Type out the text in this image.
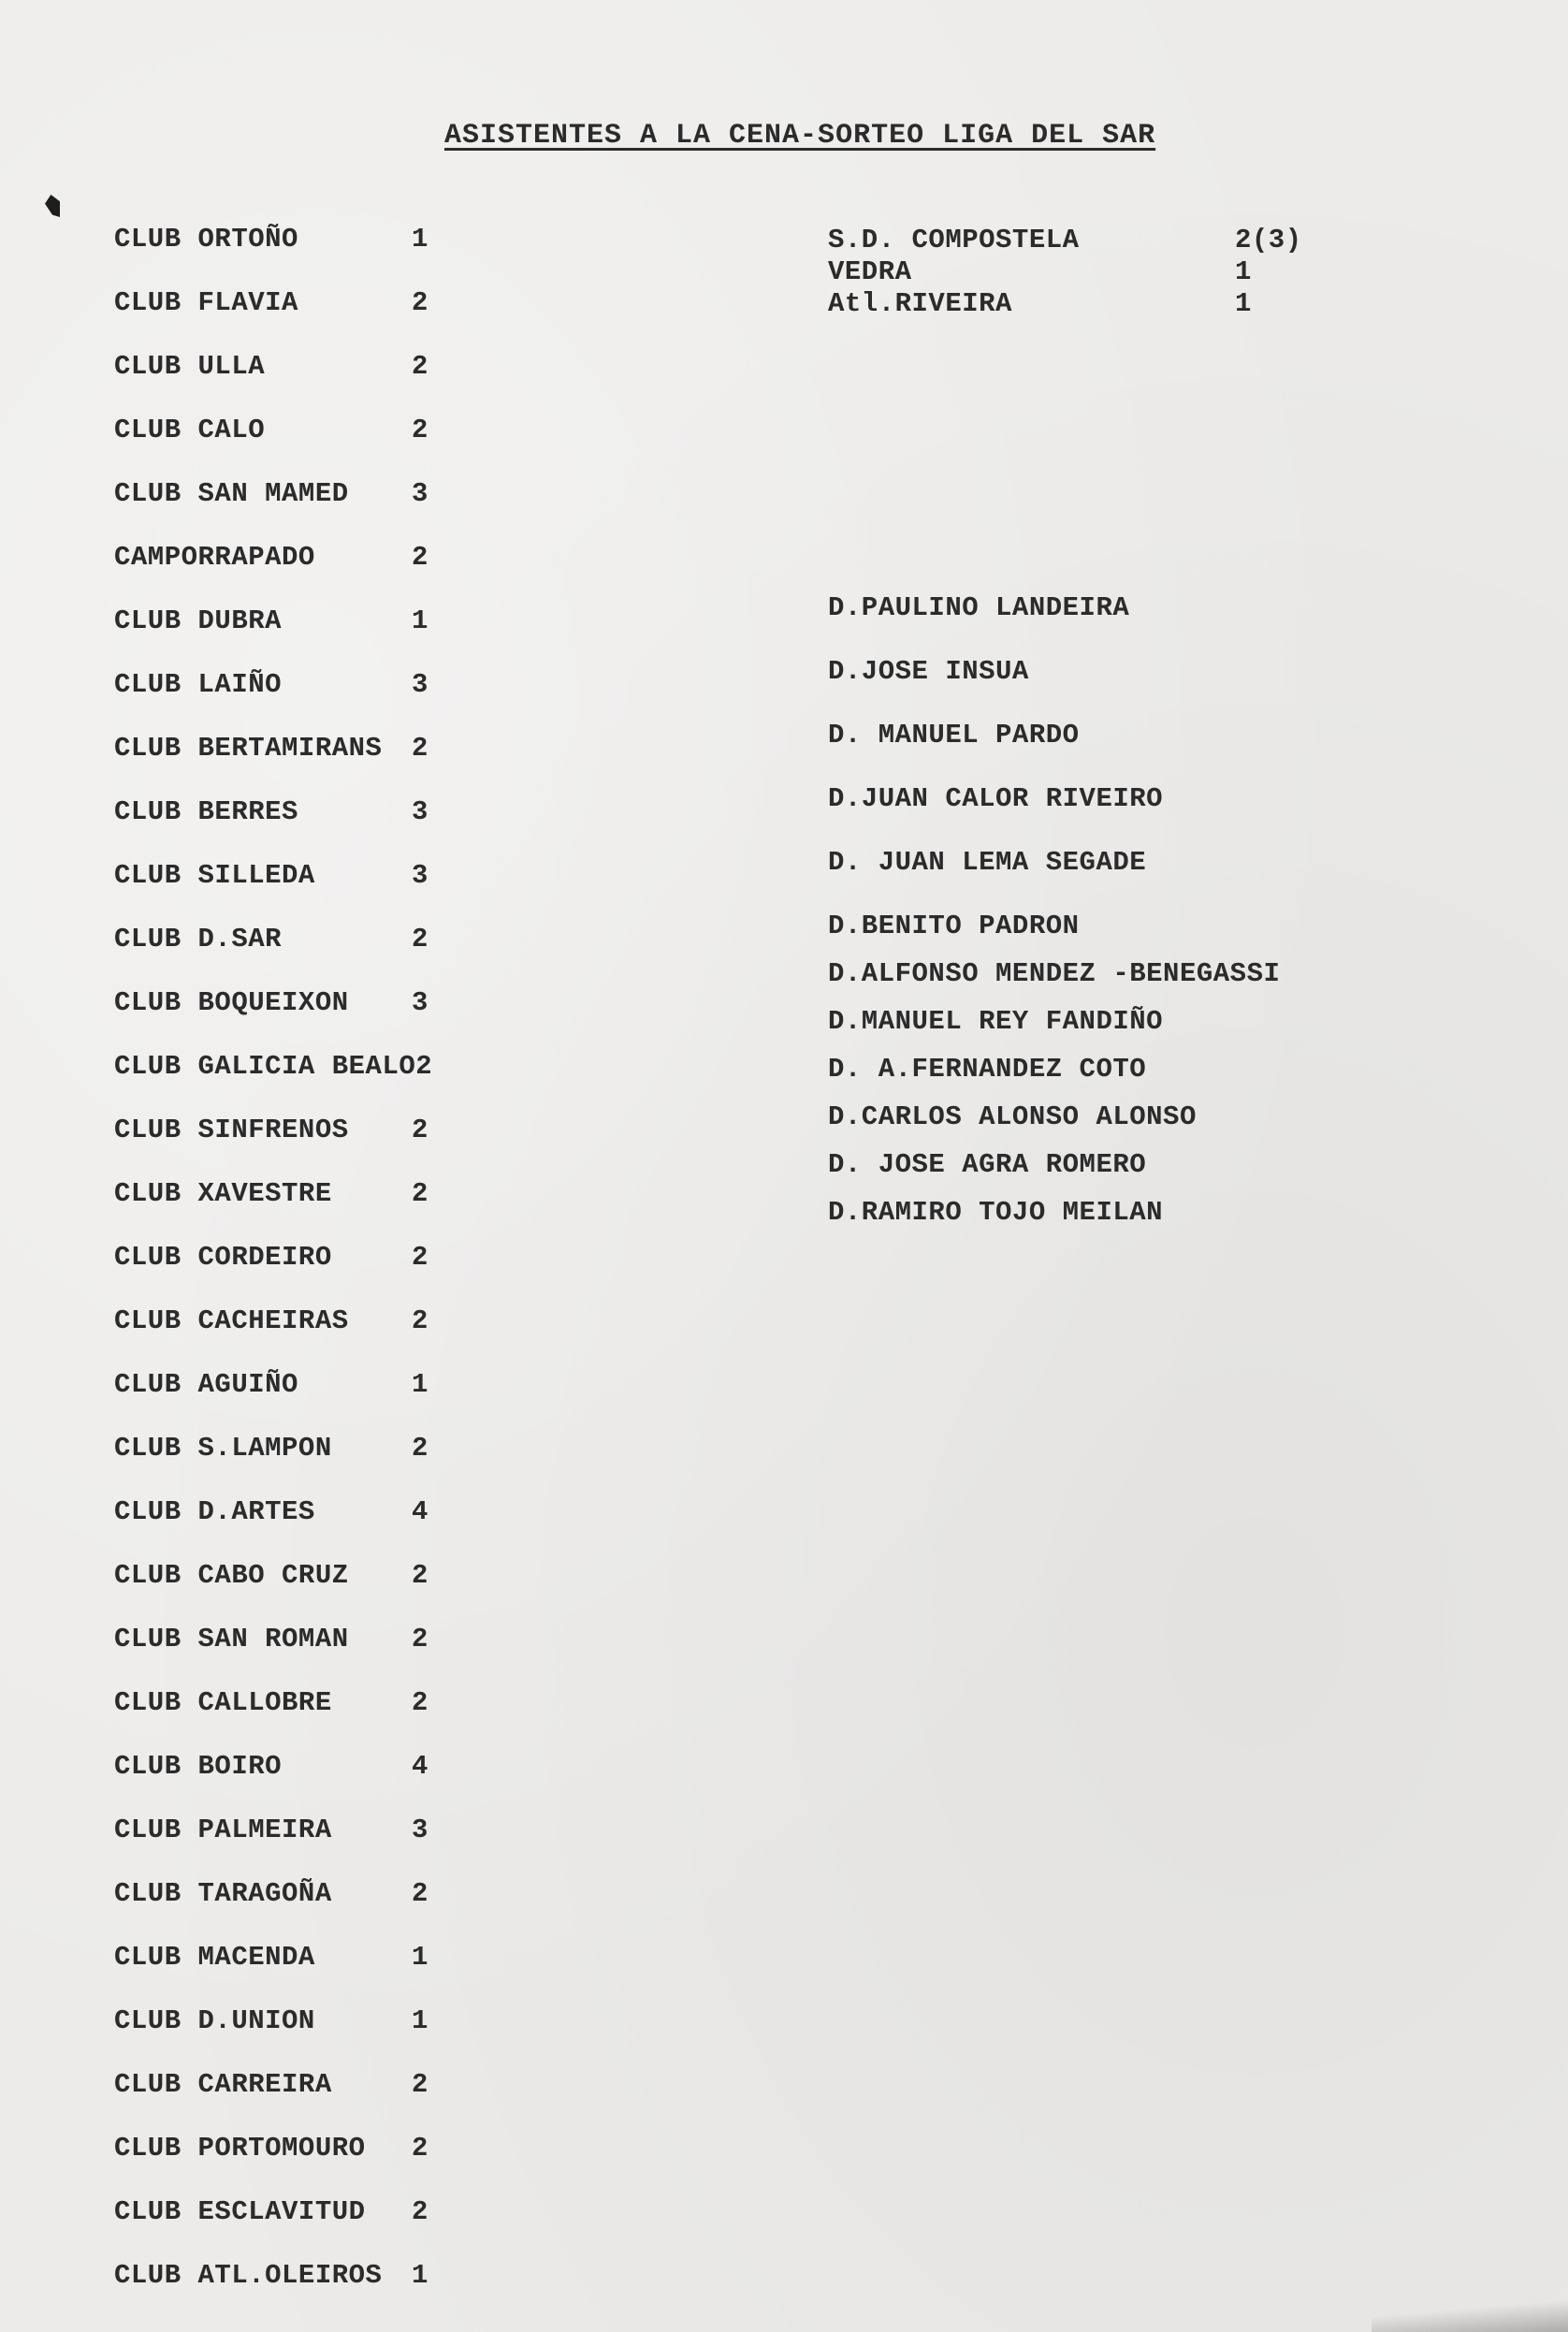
ASISTENTES A LA CENA-SORTEO LIGA DEL SAR
CLUB ORTOÑO	1
CLUB FLAVIA	2
CLUB ULLA	2
CLUB CALO	2
CLUB SAN MAMED 3
CAMPORRAPADO	2
CLUB DUBRA	1
CLUB LAIÑO	3
CLUB BERTAMIRANS 2
CLUB BERRES	3
CLUB SILLEDA	3
CLUB D.SAR	2
CLUB BOQUEIXON 3
CLUB GALICIA BEALO2
CLUB SINFRENOS 2
CLUB XAVESTRE	2
CLUB CORDEIRO	2
CLUB CACHEIRAS 2
CLUB AGUIÑO	1
CLUB S.LAMPON	2
CLUB D.ARTES	4
CLUB CABO CRUZ 2
CLUB SAN ROMAN 2
CLUB CALLOBRE	2
CLUB BOIRO	4
CLUB PALMEIRA	3
CLUB TARAGOÑA	2
CLUB MACENDA	1
CLUB D.UNION	1
CLUB CARREIRA	2
CLUB PORTOMOURO 2
CLUB ESCLAVITUD 2
CLUB ATL.OLEIROS 1
S.D. COMPOSTELA	2(3)
VEDRA	1
Atl.RIVEIRA	1
D.PAULINO LANDEIRA
D.JOSE INSUA
D. MANUEL PARDO
D.JUAN CALOR RIVEIRO
D. JUAN LEMA SEGADE
D.BENITO PADRON
D.ALFONSO MENDEZ -BENEGASSI
D.MANUEL REY FANDIÑO
D. A.FERNANDEZ COTO
D.CARLOS ALONSO ALONSO
D. JOSE AGRA ROMERO
D.RAMIRO TOJO MEILAN
